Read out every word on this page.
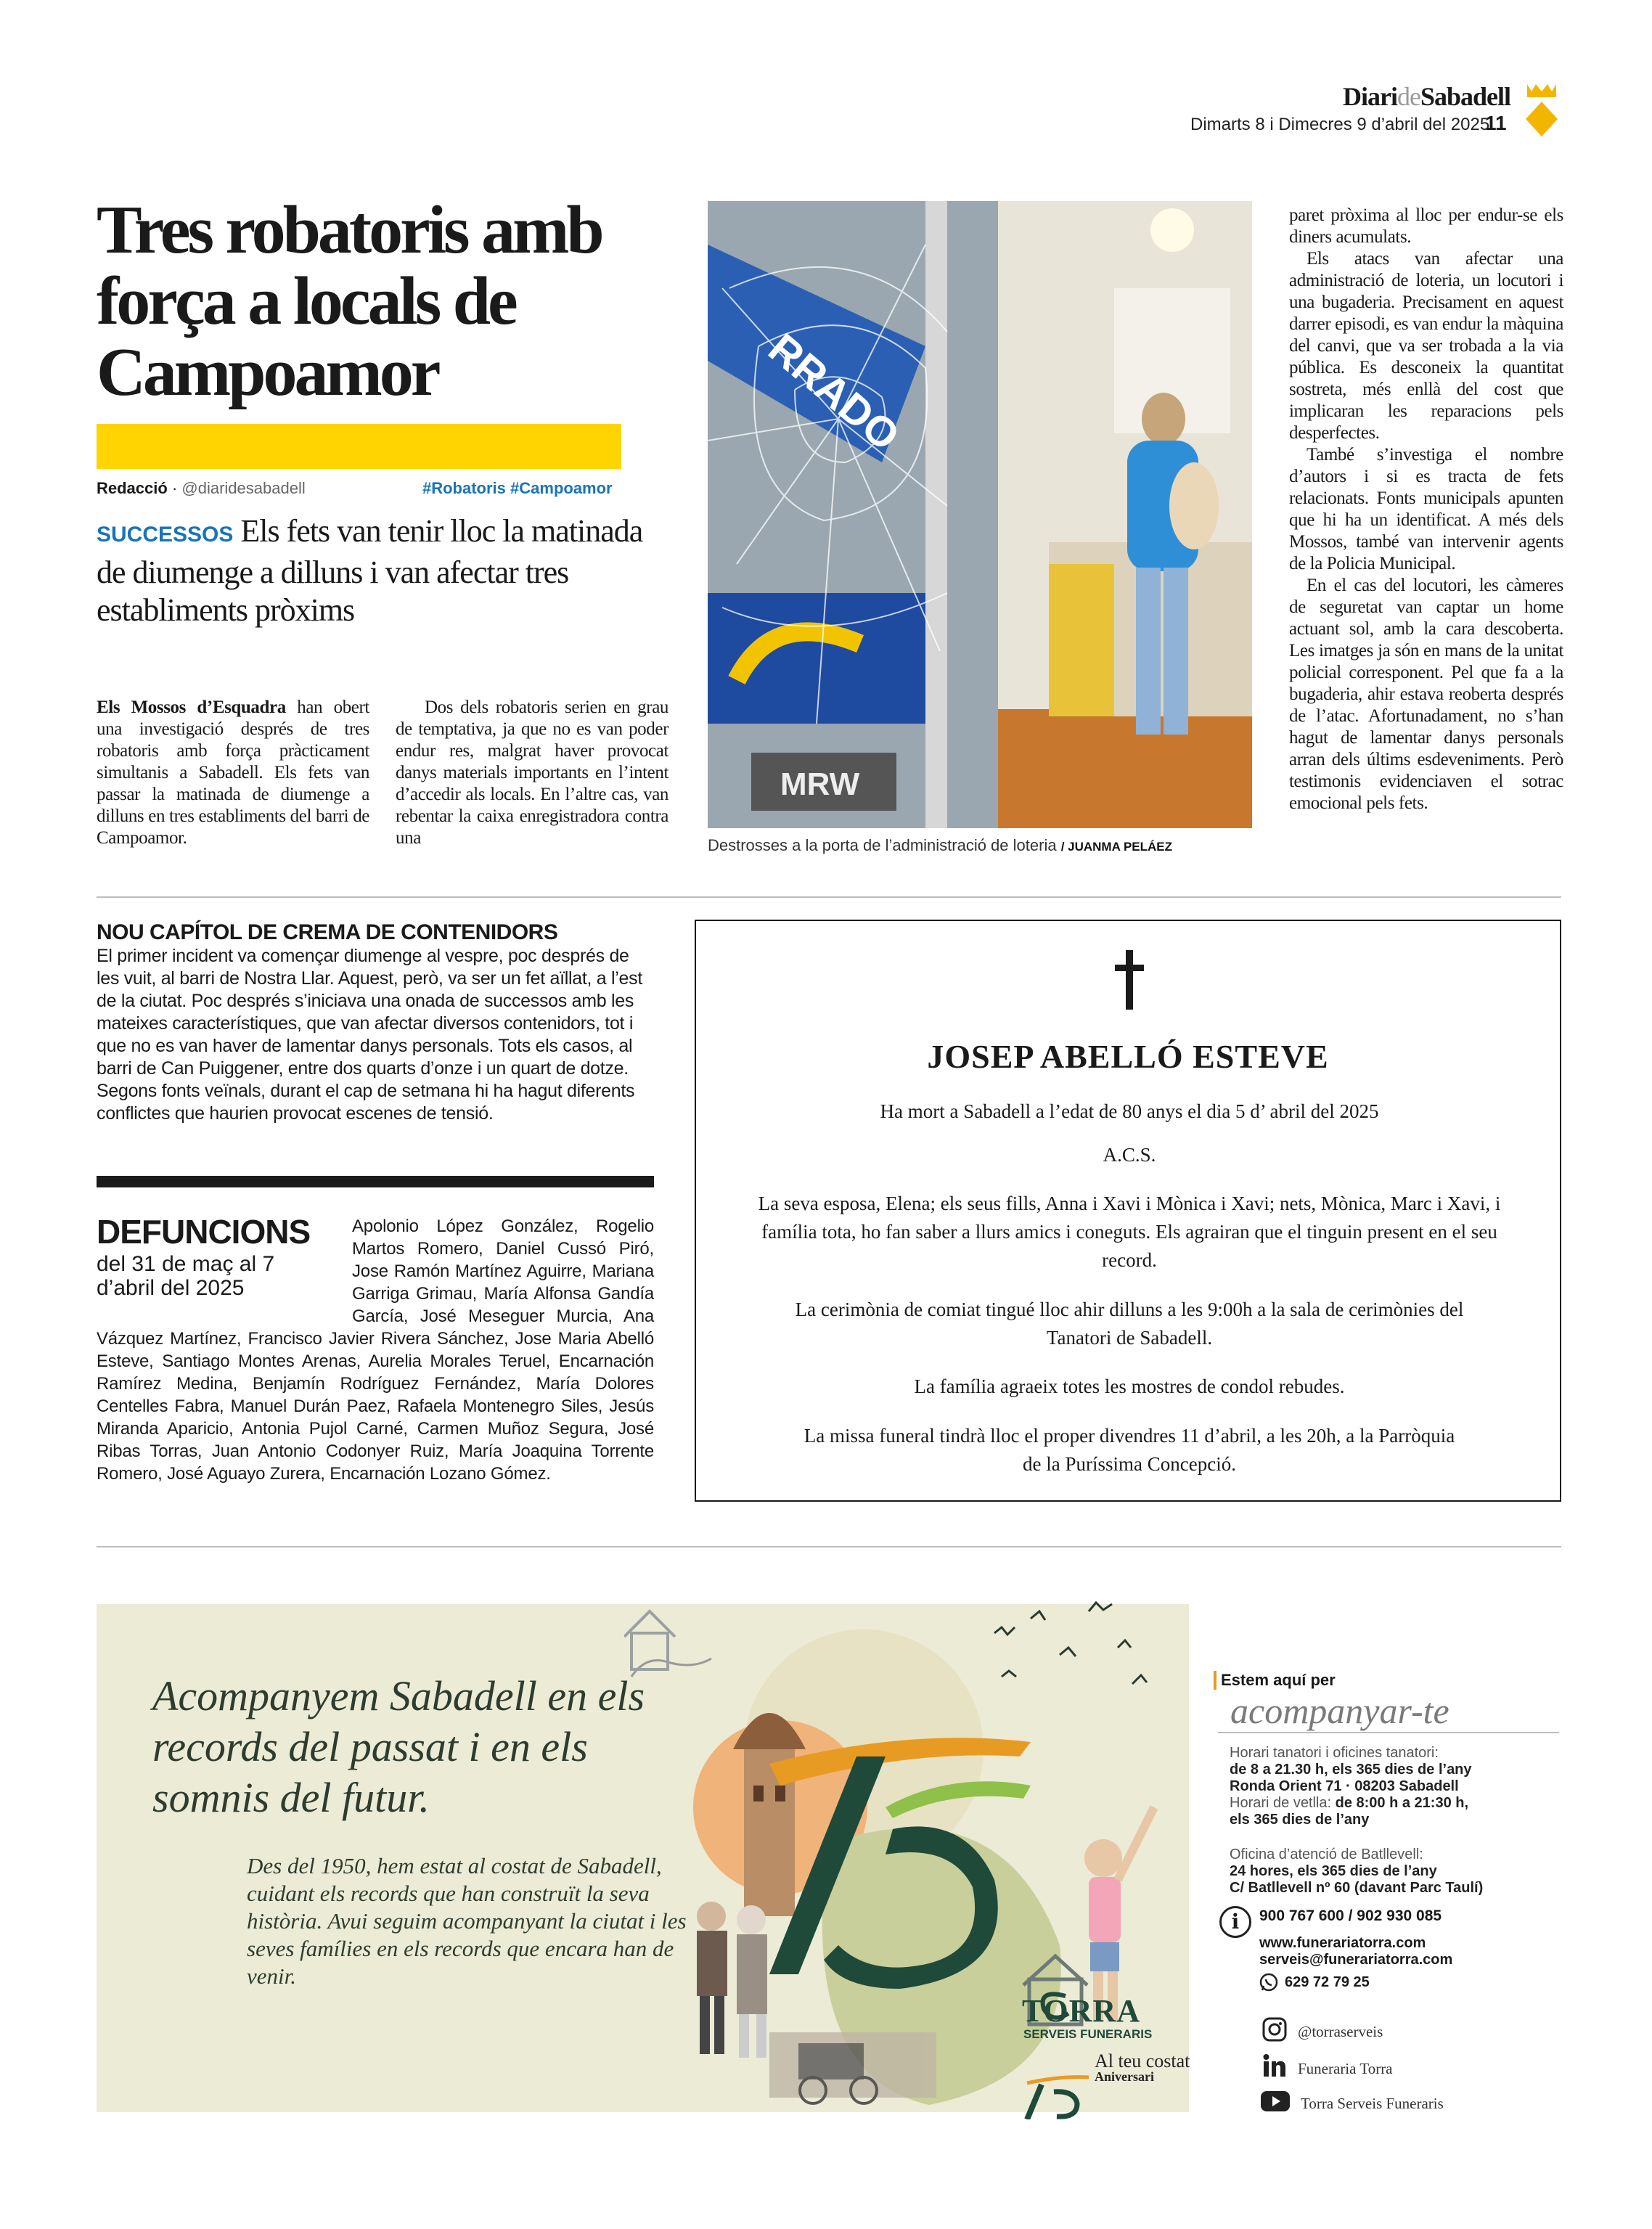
DiarideSabadell
Dimarts 8 i Dimecres 9 d’abril del 2025
11
Tres robatoris amb força a locals de Campoamor
Redacció · @diaridesabadell	#Robatoris #Campoamor
SUCCESSOS Els fets van tenir lloc la matinada de diumenge a dilluns i van afectar tres establiments pròxims
Els Mossos d’Esquadra han obert una investigació després de tres robatoris amb força pràcticament simultanis a Sabadell. Els fets van passar la matinada de diumenge a dilluns en tres establiments del barri de Campoamor.
Dos dels robatoris serien en grau de temptativa, ja que no es van poder endur res, malgrat haver provocat danys materials importants en l’intent d’accedir als locals. En l’altre cas, van rebentar la caixa enregistradora contra una
paret pròxima al lloc per endur-se els diners acumulats.
Els atacs van afectar una administració de loteria, un locutori i una bugaderia. Precisament en aquest darrer episodi, es van endur la màquina del canvi, que va ser trobada a la via pública. Es desconeix la quantitat sostreta, més enllà del cost que implicaran les reparacions pels desperfectes.
També s’investiga el nombre d’autors i si es tracta de fets relacionats. Fonts municipals apunten que hi ha un identificat. A més dels Mossos, també van intervenir agents de la Policia Municipal.
En el cas del locutori, les càmeres de seguretat van captar un home actuant sol, amb la cara descoberta. Les imatges ja són en mans de la unitat policial corresponent. Pel que fa a la bugaderia, ahir estava reoberta després de l’atac. Afortunadament, no s’han hagut de lamentar danys personals arran dels últims esdeveniments. Però testimonis evidenciaven el sotrac emocional pels fets.
RRADO
MRW
Destrosses a la porta de l’administració de loteria / JUANMA PELÁEZ
NOU CAPÍTOL DE CREMA DE CONTENIDORS
El primer incident va començar diumenge al vespre, poc després de les vuit, al barri de Nostra Llar. Aquest, però, va ser un fet aïllat, a l’est de la ciutat. Poc després s’iniciava una onada de successos amb les mateixes característiques, que van afectar diversos contenidors, tot i que no es van haver de lamentar danys personals. Tots els casos, al barri de Can Puiggener, entre dos quarts d’onze i un quart de dotze. Segons fonts veïnals, durant el cap de setmana hi ha hagut diferents conflictes que haurien provocat escenes de tensió.
Apolonio López González, Rogelio Martos Romero, Daniel Cussó Piró, Jose Ramón Martínez Aguirre, Mariana Garriga Grimau, María Alfonsa Gandía García, José Meseguer Murcia, Ana Vázquez Martínez, Francisco Javier Rivera Sánchez, Jose Maria Abelló Esteve, Santiago Montes Arenas, Aurelia Morales Teruel, Encarnación Ramírez Medina, Benjamín Rodríguez Fernández, María Dolores Centelles Fabra, Manuel Durán Paez, Rafaela Montenegro Siles, Jesús Miranda Aparicio, Antonia Pujol Carné, Carmen Muñoz Segura, José Ribas Torras, Juan Antonio Codonyer Ruiz, María Joaquina Torrente Romero, José Aguayo Zurera, Encarnación Lozano Gómez.
DEFUNCIONS
del 31 de maç al 7 d’abril del 2025
JOSEP ABELLÓ ESTEVE
Ha mort a Sabadell a l’edat de 80 anys el dia 5 d’ abril del 2025
A.C.S.
La seva esposa, Elena; els seus fills, Anna i Xavi i Mònica i Xavi; nets, Mònica, Marc i Xavi, i família tota, ho fan saber a llurs amics i coneguts. Els agrairan que el tinguin present en el seu record.
La cerimònia de comiat tingué lloc ahir dilluns a les 9:00h a la sala de cerimònies del Tanatori de Sabadell.
La família agraeix totes les mostres de condol rebudes.
La missa funeral tindrà lloc el proper divendres 11 d’abril, a les 20h, a la Parròquia de la Puríssima Concepció.
Acompanyem Sabadell en els records del passat i en els somnis del futur.
Des del 1950, hem estat al costat de Sabadell, cuidant els records que han construït la seva història. Avui seguim acompanyant la ciutat i les seves famílies en els records que encara han de venir.
TORRA
SERVEIS FUNERARIS
Al teu costat
Aniversari
Estem aquí per
acompanyar-te
Horari tanatori i oficines tanatori:
de 8 a 21.30 h, els 365 dies de l’any
Ronda Orient 71 · 08203 Sabadell
Horari de vetlla: de 8:00 h a 21:30 h,
els 365 dies de l’any
Oficina d’atenció de Batllevell:
24 hores, els 365 dies de l’any
C/ Batllevell nº 60 (davant Parc Taulí)
i	900 767 600 / 902 930 085
www.funerariatorra.com
serveis@funerariatorra.com
629 72 79 25
@torraserveis
Funeraria Torra
Torra Serveis Funeraris
